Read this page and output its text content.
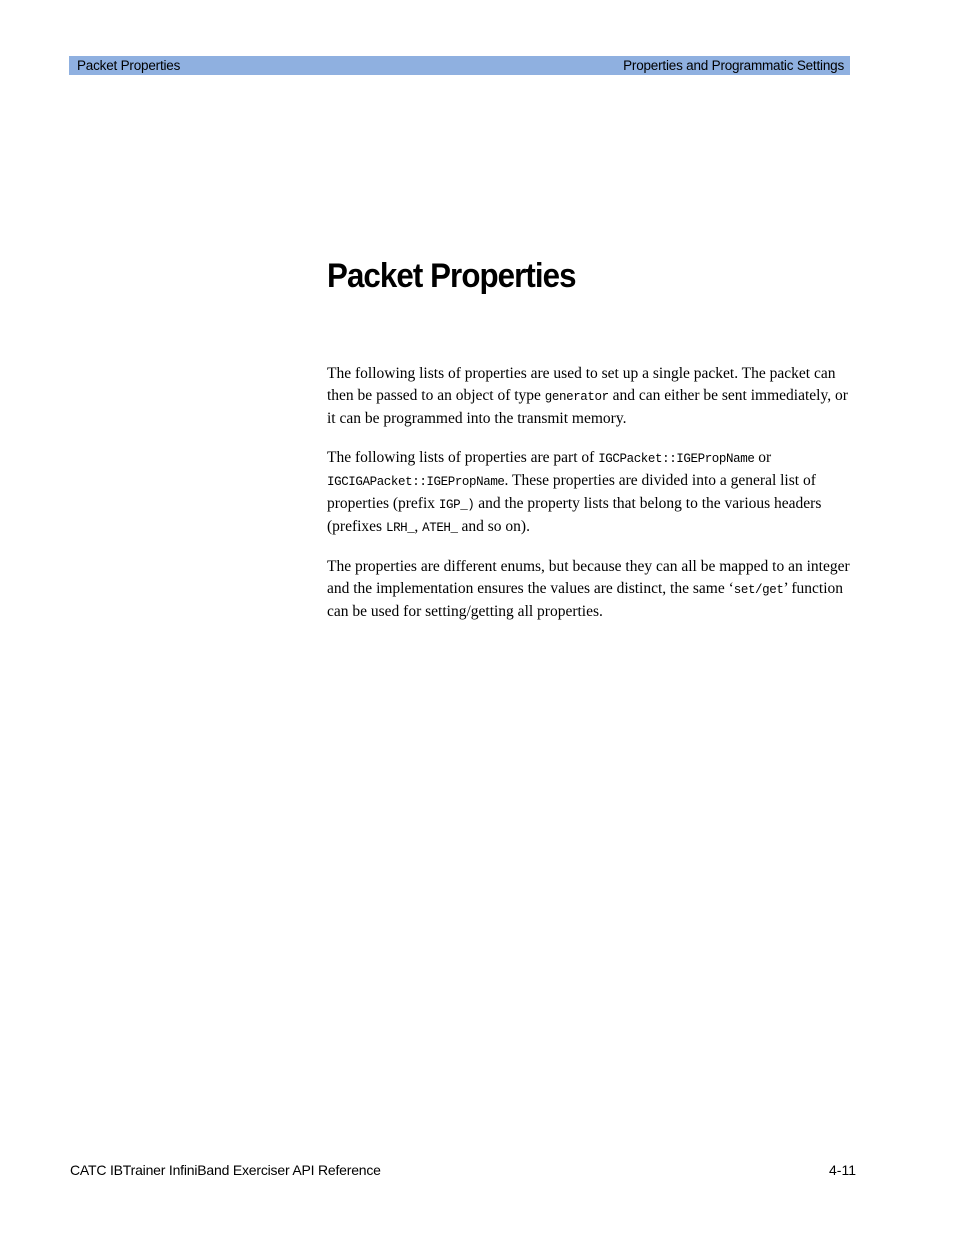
Packet Properties	Properties and Programmatic Settings
Packet Properties

The following lists of properties are used to set up a single packet. The packet can then be passed to an object of type generator and can either be sent immediately, or it can be programmed into the transmit memory.

The following lists of properties are part of IGCPacket::IGEPropName or IGCIGAPacket::IGEPropName. These properties are divided into a general list of properties (prefix IGP_) and the property lists that belong to the various headers (prefixes LRH_, ATEH_ and so on).

The properties are different enums, but because they can all be mapped to an integer and the implementation ensures the values are distinct, the same ‘set/get’ function can be used for setting/getting all properties.

CATC IBTrainer InfiniBand Exerciser API Reference	4-11
